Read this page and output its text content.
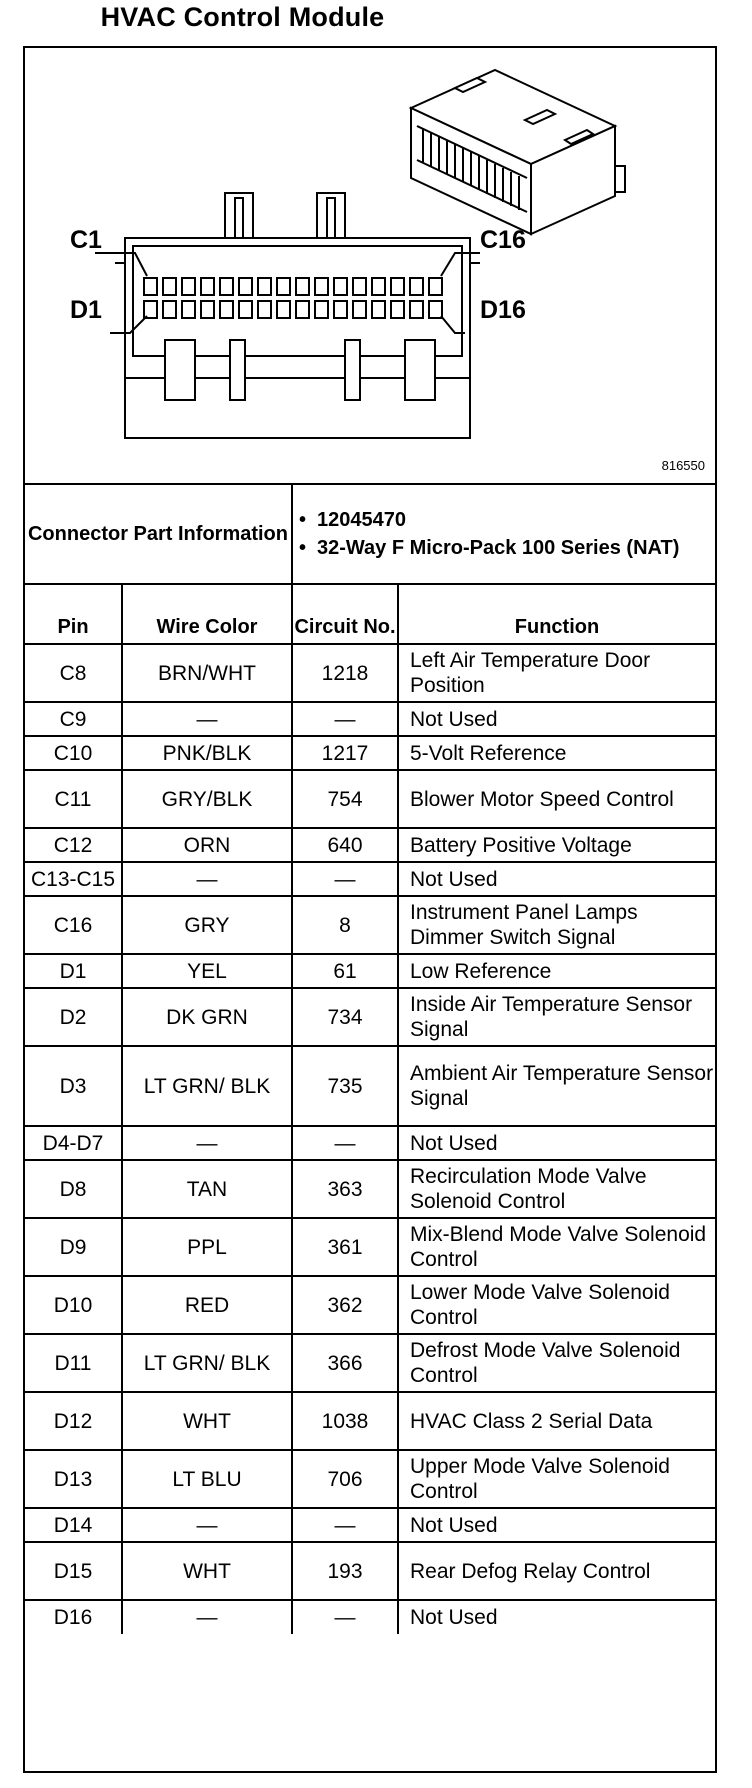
HVAC Control Module
C1	C16
D1	D16
816550
Connector Part Information	
• 12045470
• 32-Way F Micro-Pack 100 Series (NAT)
Pin	Wire Color	Circuit No.	Function
C8	BRN/WHT	1218	Left Air Temperature Door Position
C9	—	—	Not Used
C10	PNK/BLK	1217	5-Volt Reference
C11	GRY/BLK	754	Blower Motor Speed Control
C12	ORN	640	Battery Positive Voltage
C13-C15	—	—	Not Used
C16	GRY	8	Instrument Panel Lamps Dimmer Switch Signal
D1	YEL	61	Low Reference
D2	DK GRN	734	Inside Air Temperature Sensor Signal
D3	LT GRN/ BLK	735	Ambient Air Temperature Sensor Signal
D4-D7	—	—	Not Used
D8	TAN	363	Recirculation Mode Valve Solenoid Control
D9	PPL	361	Mix-Blend Mode Valve Solenoid Control
D10	RED	362	Lower Mode Valve Solenoid Control
D11	LT GRN/ BLK	366	Defrost Mode Valve Solenoid Control
D12	WHT	1038	HVAC Class 2 Serial Data
D13	LT BLU	706	Upper Mode Valve Solenoid Control
D14	—	—	Not Used
D15	WHT	193	Rear Defog Relay Control
D16	—	—	Not Used
